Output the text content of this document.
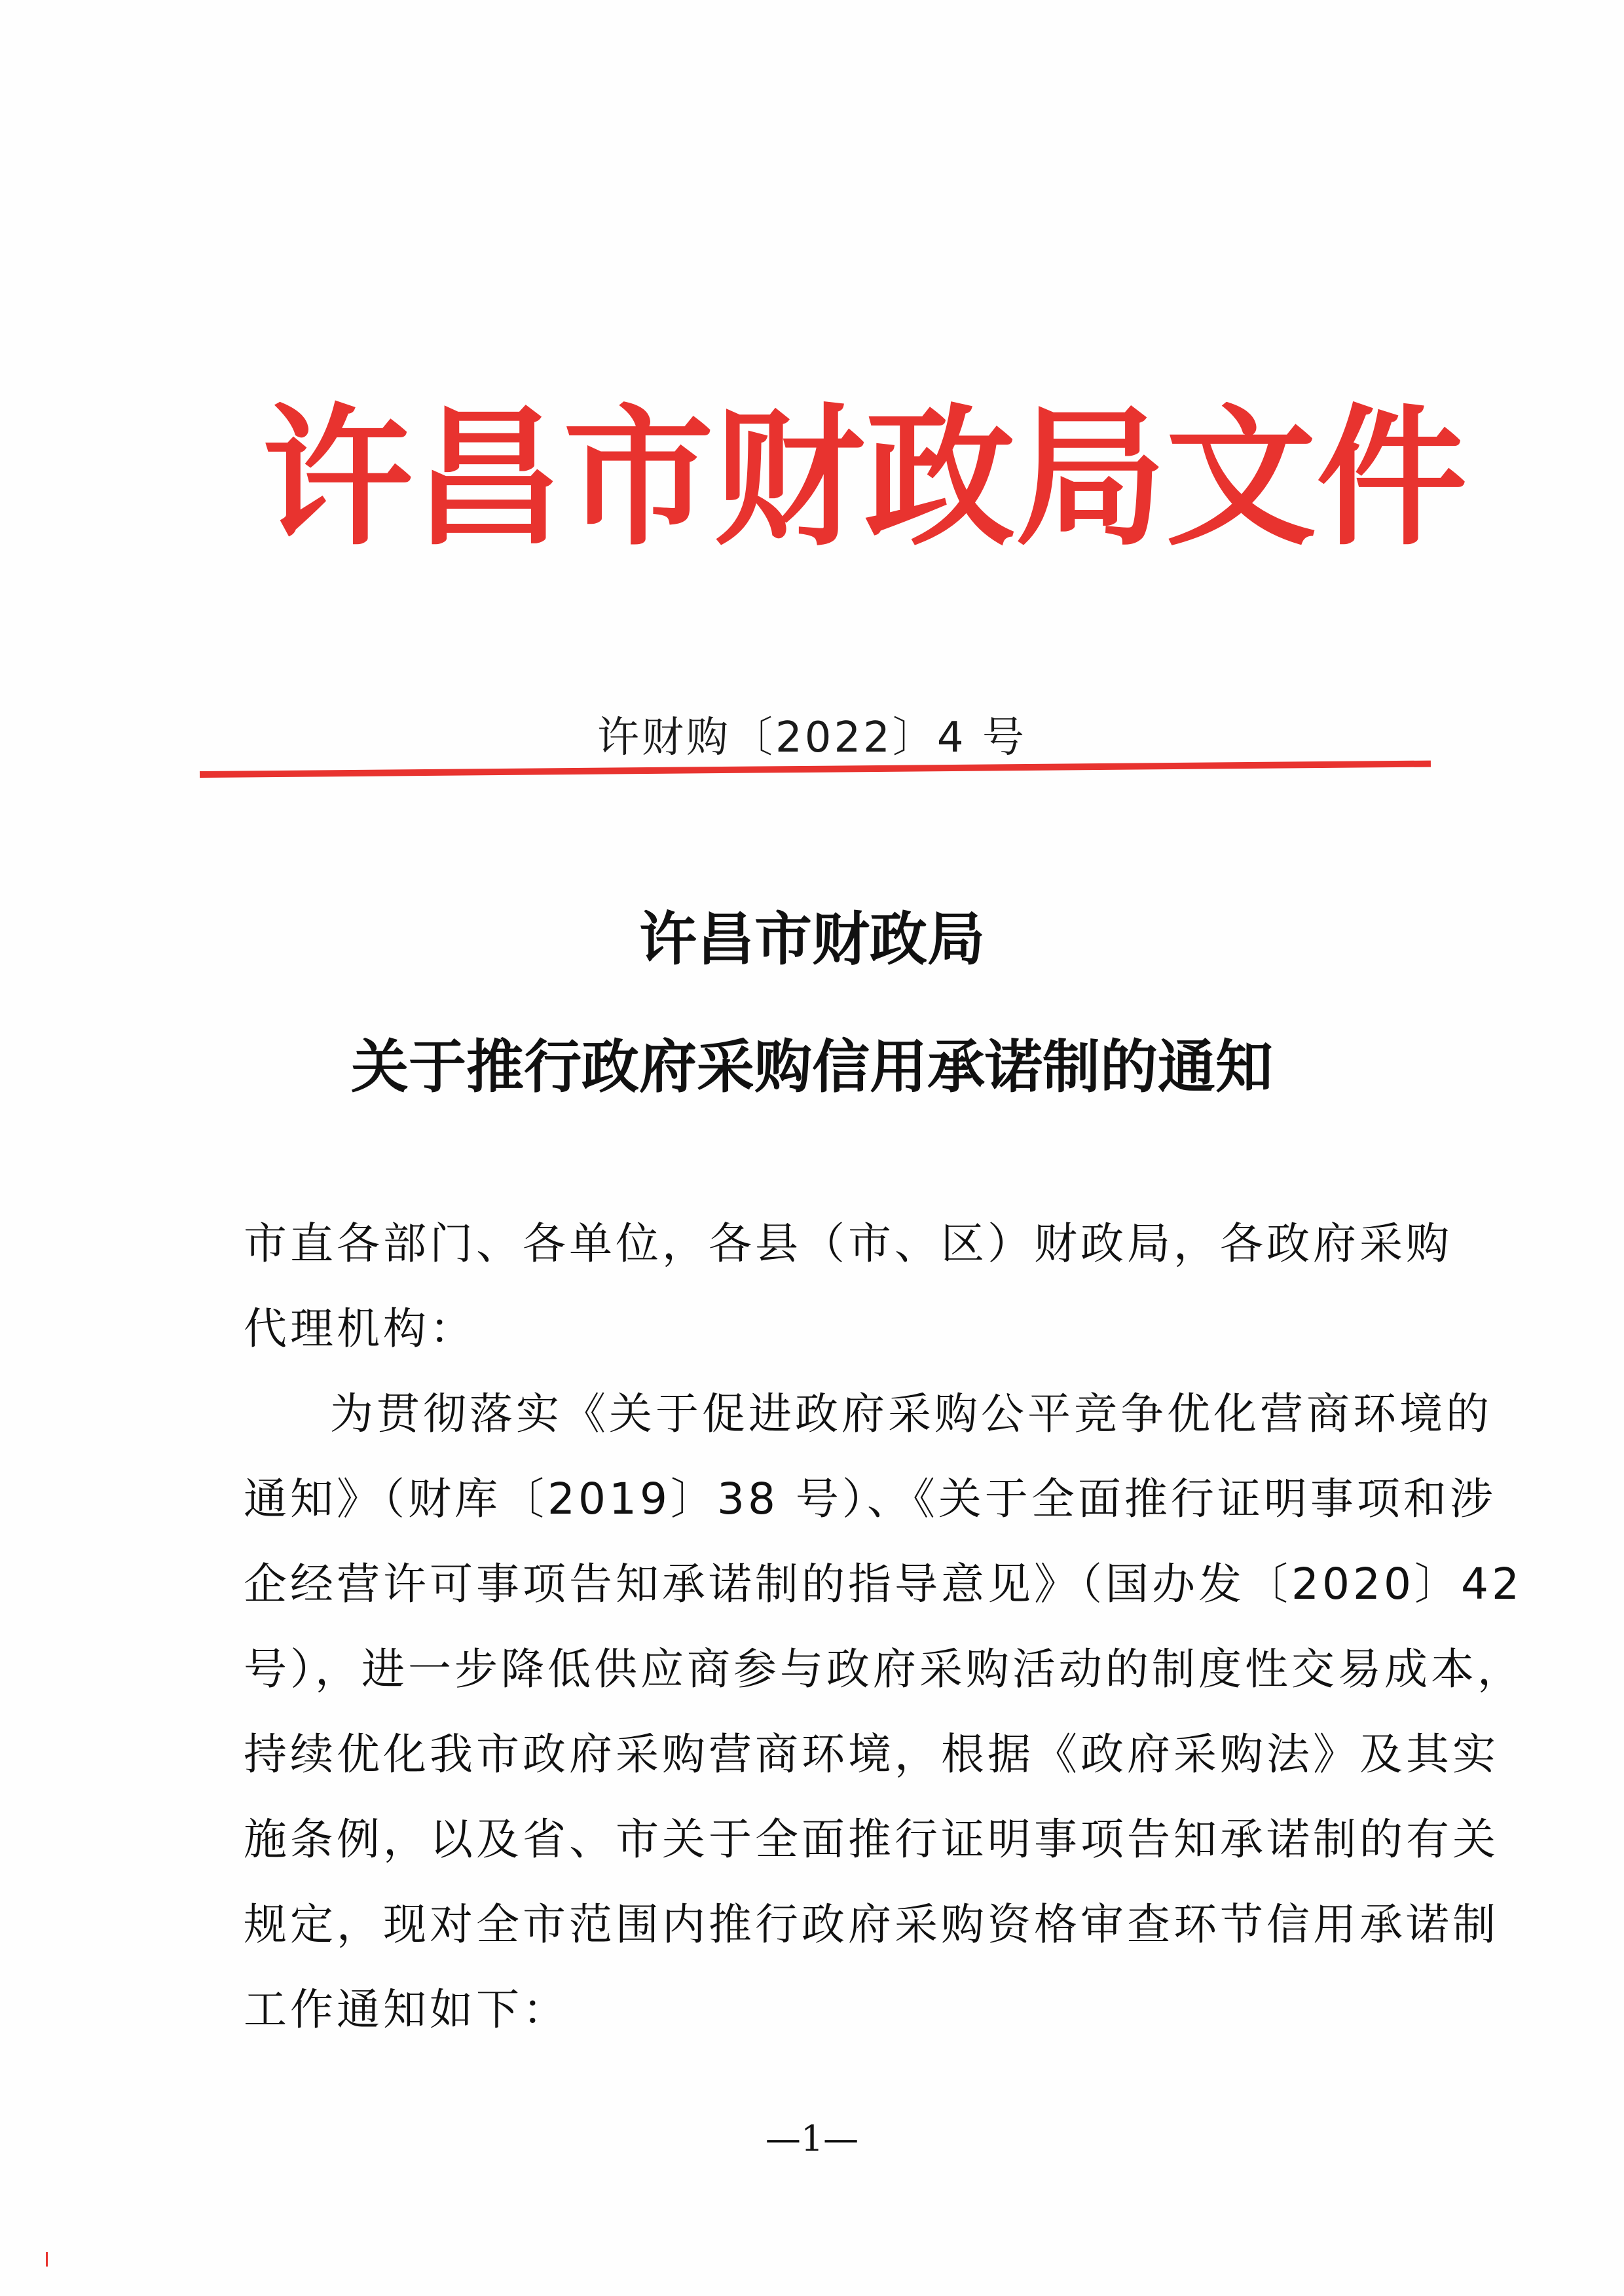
许 昌 市 财 政 局 文 件
许财购〔2022〕4 号
许昌市财政局
关于推行政府采购信用承诺制的通知
市直各部门、各单位，各县（市、区）财政局，各政府采购
代理机构：
为贯彻落实《关于促进政府采购公平竞争优化营商环境的
通知》（财库〔2019〕38 号）、《关于全面推行证明事项和涉
企经营许可事项告知承诺制的指导意见》（国办发〔2020〕42
号），进一步降低供应商参与政府采购活动的制度性交易成本，
持续优化我市政府采购营商环境，根据《政府采购法》及其实
施条例，以及省、市关于全面推行证明事项告知承诺制的有关
规定，现对全市范围内推行政府采购资格审查环节信用承诺制
工作通知如下：
—1—
